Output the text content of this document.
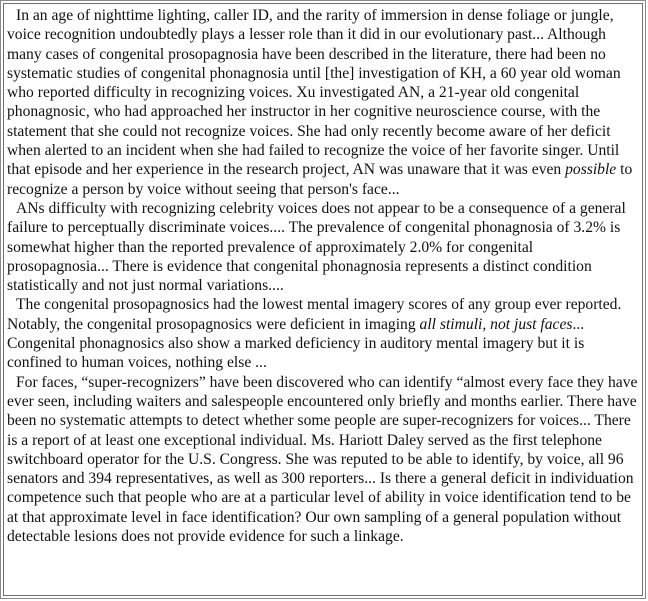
In an age of nighttime lighting, caller ID, and the rarity of immersion in dense foliage or jungle, voice recognition undoubtedly plays a lesser role than it did in our evolutionary past... Although many cases of congenital prosopagnosia have been described in the literature, there had been no systematic studies of congenital phonagnosia until [the] investigation of KH, a 60 year old woman who reported difficulty in recognizing voices. Xu investigated AN, a 21-year old congenital phonagnosic, who had approached her instructor in her cognitive neuroscience course, with the statement that she could not recognize voices. She had only recently become aware of her deficit when alerted to an incident when she had failed to recognize the voice of her favorite singer. Until that episode and her experience in the research project, AN was unaware that it was even possible to recognize a person by voice without seeing that person's face...

ANs difficulty with recognizing celebrity voices does not appear to be a consequence of a general failure to perceptually discriminate voices.... The prevalence of congenital phonagnosia of 3.2% is somewhat higher than the reported prevalence of approximately 2.0% for congenital prosopagnosia... There is evidence that congenital phonagnosia represents a distinct condition statistically and not just normal variations....

The congenital prosopagnosics had the lowest mental imagery scores of any group ever reported. Notably, the congenital prosopagnosics were deficient in imaging all stimuli, not just faces... Congenital phonagnosics also show a marked deficiency in auditory mental imagery but it is confined to human voices, nothing else ...

For faces, “super-recognizers” have been discovered who can identify “almost every face they have ever seen, including waiters and salespeople encountered only briefly and months earlier. There have been no systematic attempts to detect whether some people are super-recognizers for voices... There is a report of at least one exceptional individual. Ms. Hariott Daley served as the first telephone switchboard operator for the U.S. Congress. She was reputed to be able to identify, by voice, all 96 senators and 394 representatives, as well as 300 reporters... Is there a general deficit in individuation competence such that people who are at a particular level of ability in voice identification tend to be at that approximate level in face identification? Our own sampling of a general population without detectable lesions does not provide evidence for such a linkage.
